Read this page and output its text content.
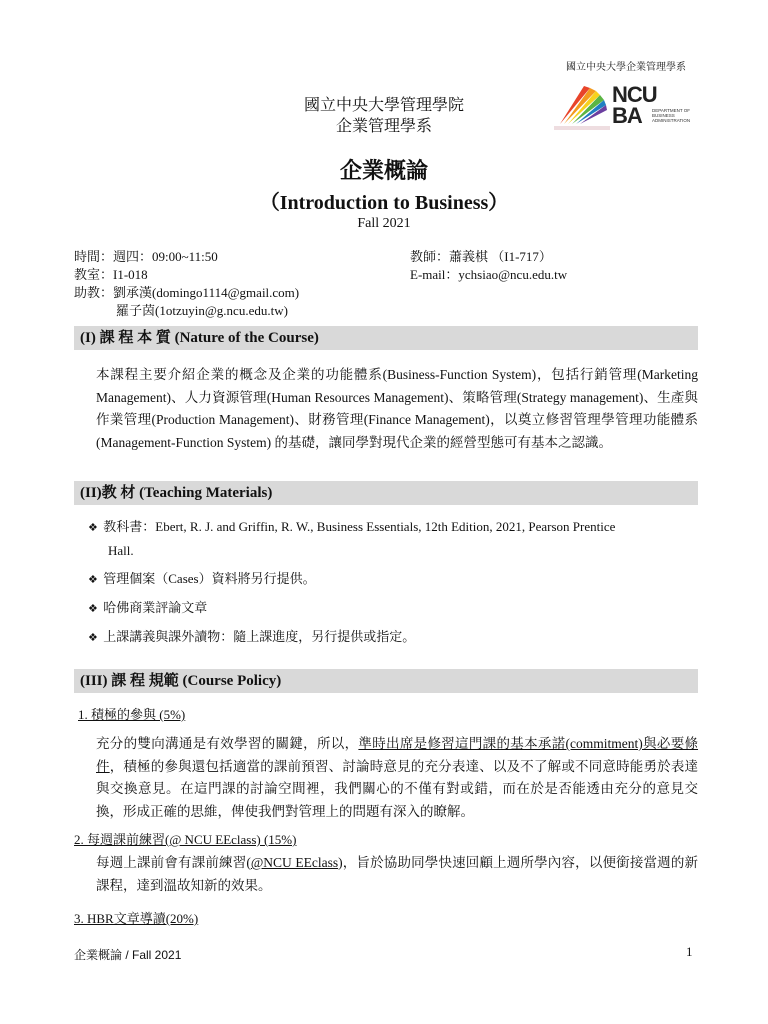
國立中央大學企業管理學系
NCU
BA DEPARTMENT OF BUSINESS ADMINISTRATION
國立中央大學管理學院
企業管理學系
企業概論
（Introduction to Business）
Fall 2021
時間：週四：09:00~11:50
教室：I1-018
助教：劉承漢(domingo1114@gmail.com)
羅子茵(1otzuyin@g.ncu.edu.tw)
教師：蕭義棋 （I1-717）
E-mail：ychsiao@ncu.edu.tw
(I) 課 程 本 質 (Nature of the Course)
本課程主要介紹企業的概念及企業的功能體系(Business-Function System)，包括行銷管理(Marketing Management)、人力資源管理(Human Resources Management)、策略管理(Strategy management)、生產與作業管理(Production Management)、財務管理(Finance Management)，以奠立修習管理學管理功能體系(Management-Function System) 的基礎，讓同學對現代企業的經營型態可有基本之認識。
(II)教 材 (Teaching Materials)
❖ 教科書：Ebert, R. J. and Griffin, R. W., Business Essentials, 12th Edition, 2021, Pearson Prentice
Hall.
❖ 管理個案（Cases）資料將另行提供。
❖ 哈佛商業評論文章
❖ 上課講義與課外讀物：隨上課進度，另行提供或指定。
(III) 課 程 規範 (Course Policy)
1. 積極的參與 (5%)
充分的雙向溝通是有效學習的關鍵，所以，準時出席是修習這門課的基本承諾(commitment)與必要條件，積極的參與還包括適當的課前預習、討論時意見的充分表達、以及不了解或不同意時能勇於表達與交換意見。在這門課的討論空間裡，我們關心的不僅有對或錯，而在於是否能透由充分的意見交換，形成正確的思維，俾使我們對管理上的問題有深入的瞭解。
2. 每週課前練習(@ NCU EEclass) (15%)
每週上課前會有課前練習(@NCU EEclass)，旨於協助同學快速回顧上週所學內容，以便銜接當週的新課程，達到溫故知新的效果。
3. HBR文章導讀(20%)
企業概論 / Fall 2021	1
